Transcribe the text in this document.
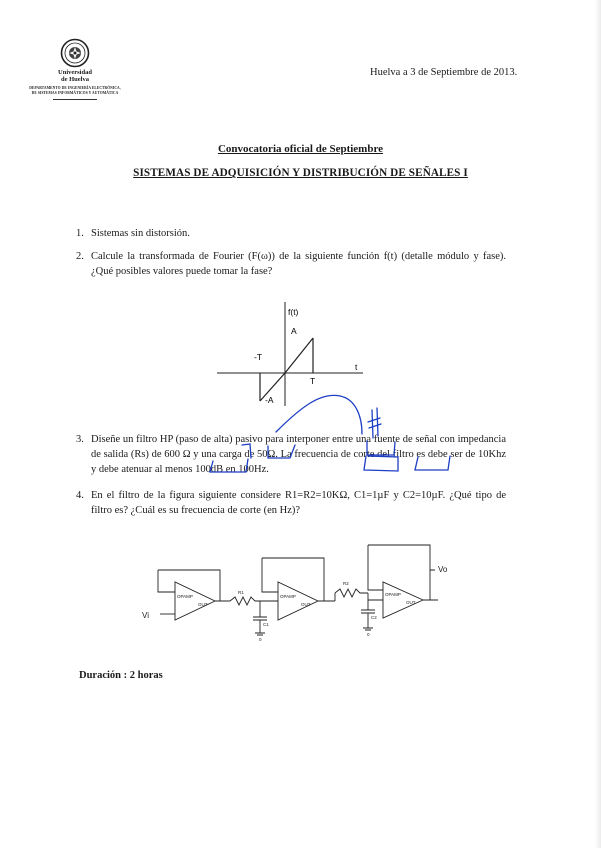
Universidad
de Huelva
DEPARTAMENTO DE INGENIERÍA ELECTRÓNICA,
DE SISTEMAS INFORMÁTICOS Y AUTOMÁTICA
Huelva a 3 de Septiembre de 2013.
Convocatoria oficial de Septiembre
SISTEMAS DE ADQUISICIÓN Y DISTRIBUCIÓN DE SEÑALES I
1. Sistemas sin distorsión.
2. Calcule la transformada de Fourier (F(ω)) de la siguiente función f(t) (detalle módulo y fase). ¿Qué posibles valores puede tomar la fase?
f(t)
A
-A
-T
T
t
3. Diseñe un filtro HP (paso de alta) pasivo para interponer entre una fuente de señal con impedancia de salida (Rs) de 600 Ω y una carga de 50Ω. La frecuencia de corte del filtro es debe ser de 10Khz y debe atenuar al menos 100dB en 100Hz.
≠
4. En el filtro de la figura siguiente considere R1=R2=10KΩ, C1=1µF y C2=10µF. ¿Qué tipo de filtro es? ¿Cuál es su frecuencia de corte (en Hz)?
OPAMP
OUT
OPAMP
OUT
OPAMP
OUT
R1
R2
C1
C2
0
0
Vi
Vo
Duración : 2 horas
